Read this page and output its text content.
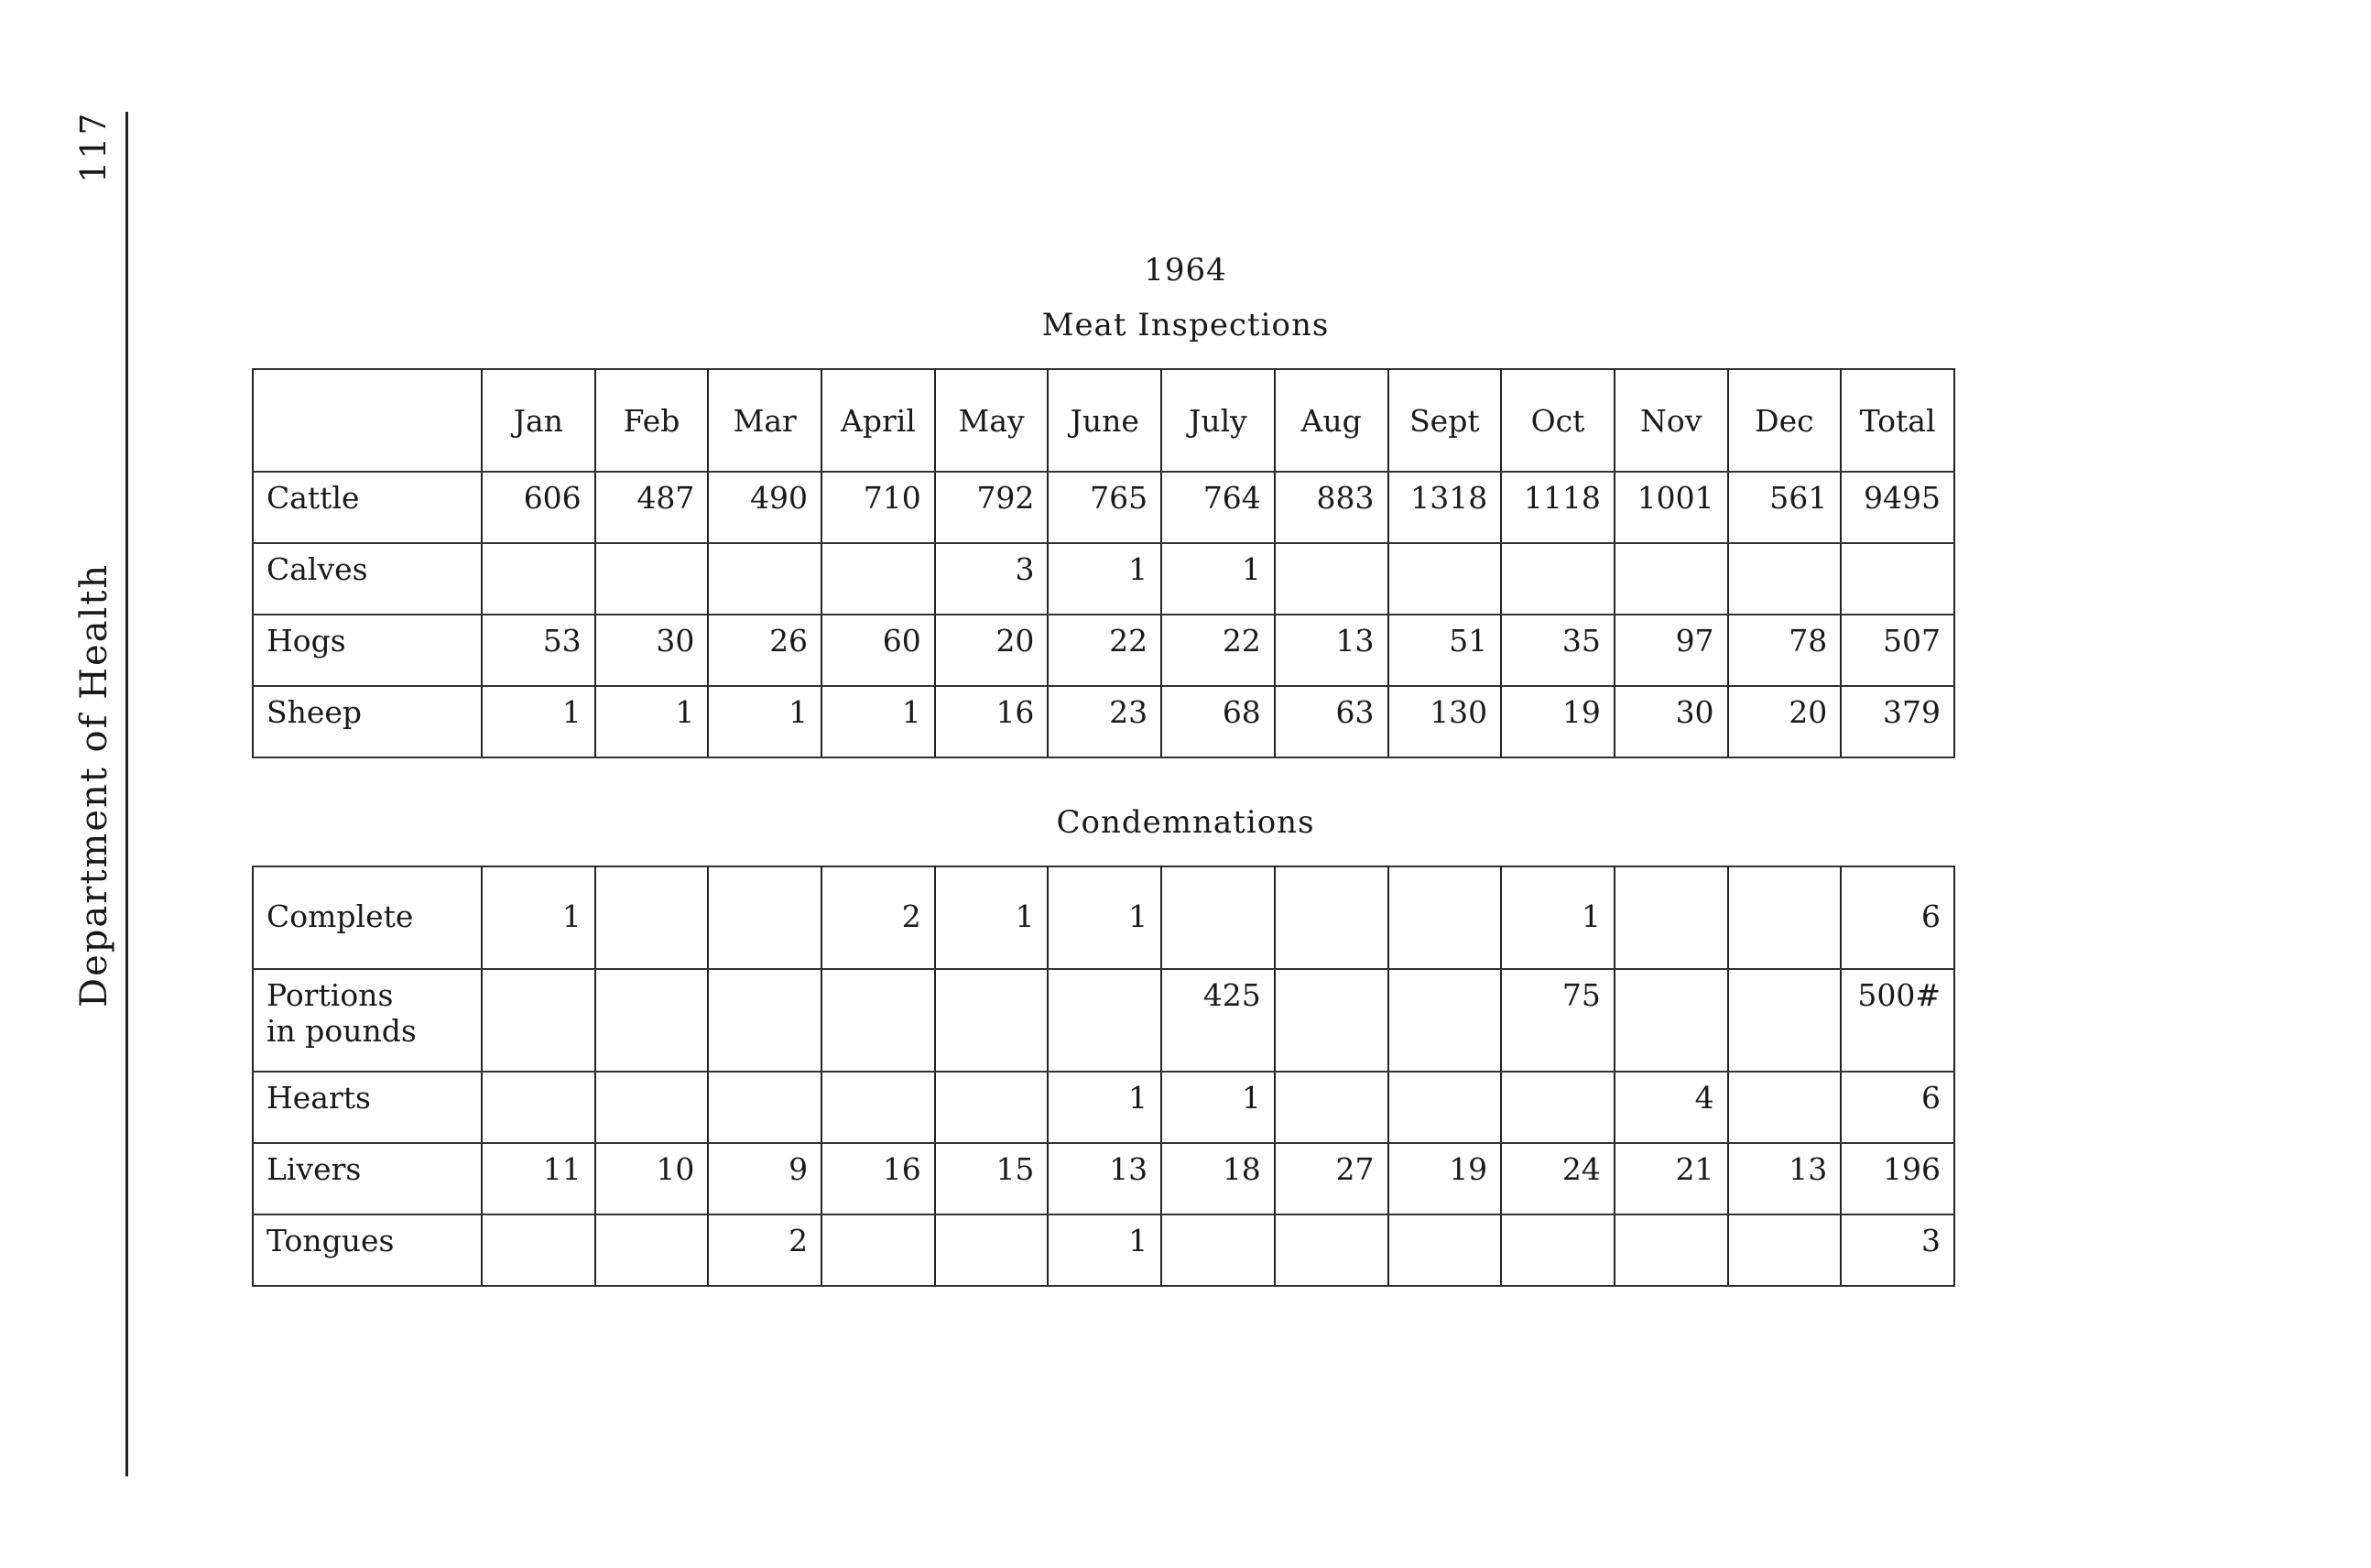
117
Department of Health
1964
Meat Inspections
	Jan	Feb	Mar	April	May	June	July	Aug	Sept	Oct	Nov	Dec	Total
Cattle	606	487	490	710	792	765	764	883	1318	1118	1001	561	9495
Calves					3	1	1						
Hogs	53	30	26	60	20	22	22	13	51	35	97	78	507
Sheep	1	1	1	1	16	23	68	63	130	19	30	20	379
Condemnations
Complete	1			2	1	1				1			6
Portions
in pounds							425			75			500#
Hearts						1	1				4		6
Livers	11	10	9	16	15	13	18	27	19	24	21	13	196
Tongues			2			1							3
